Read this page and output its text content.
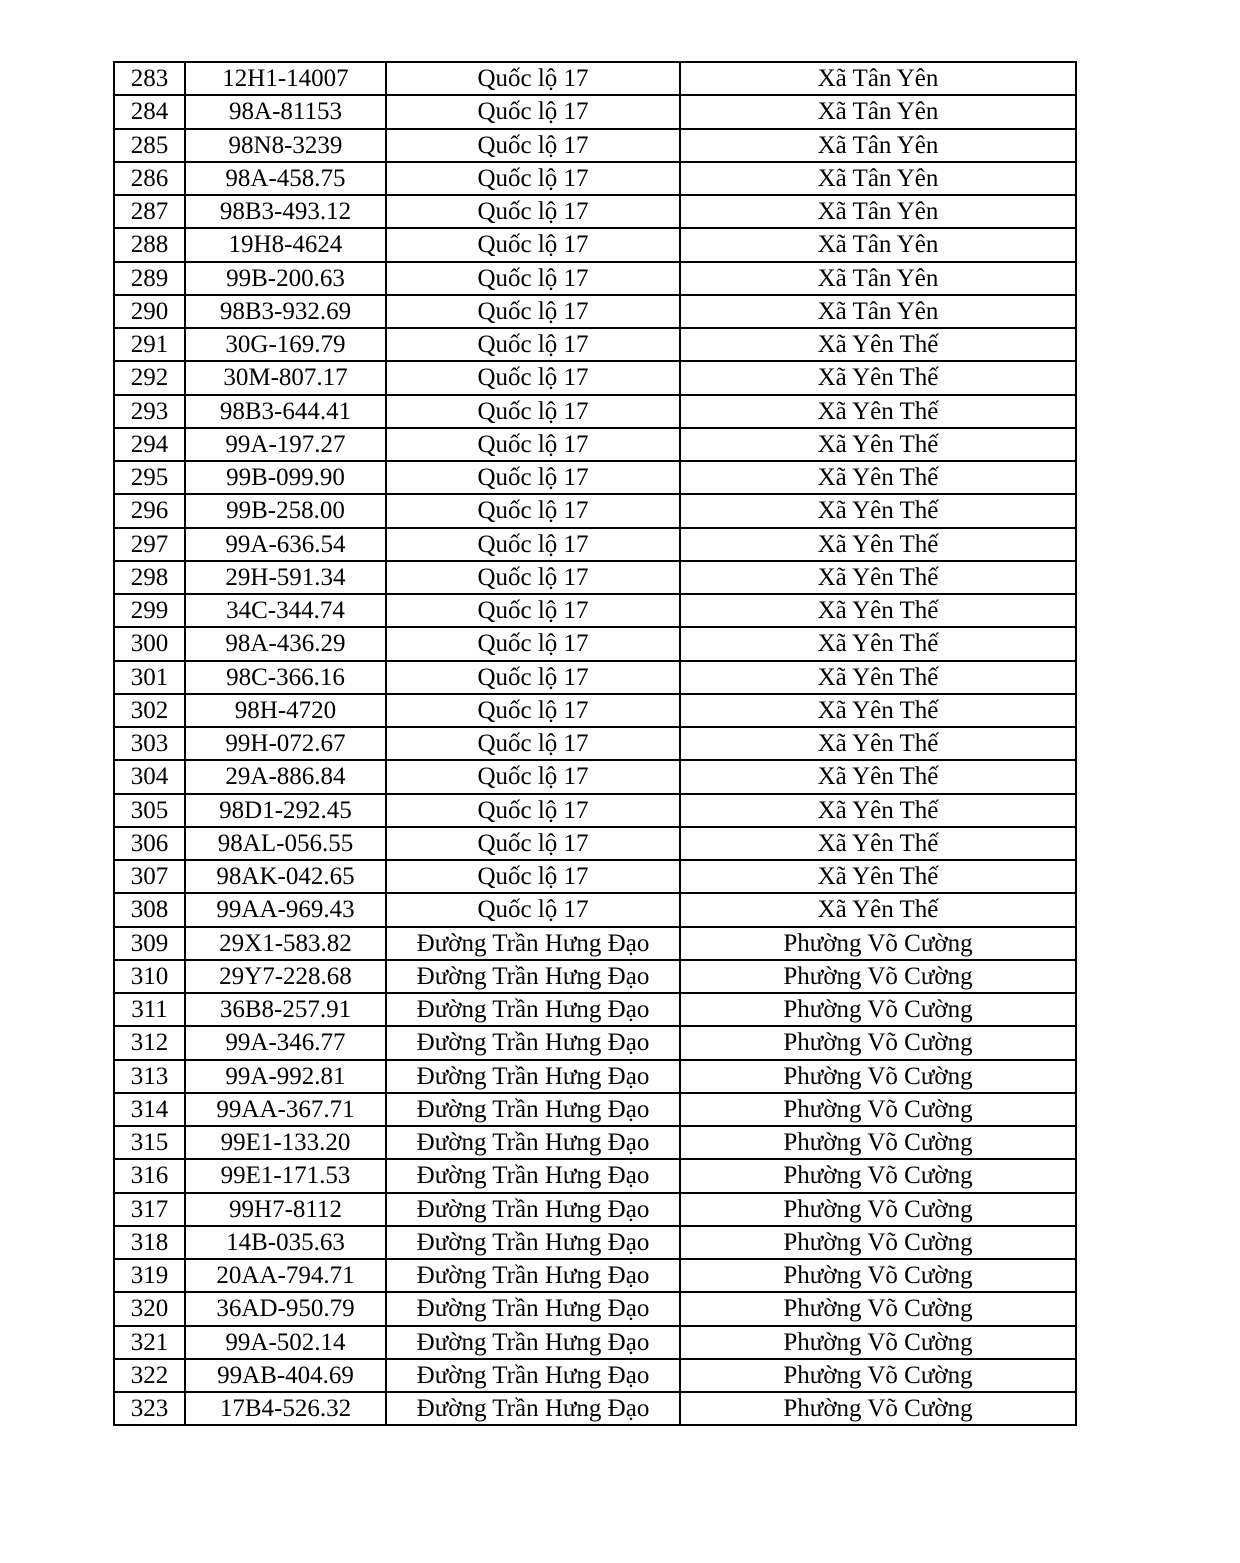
283	12H1-14007	Quốc lộ 17	Xã Tân Yên
284	98A-81153	Quốc lộ 17	Xã Tân Yên
285	98N8-3239	Quốc lộ 17	Xã Tân Yên
286	98A-458.75	Quốc lộ 17	Xã Tân Yên
287	98B3-493.12	Quốc lộ 17	Xã Tân Yên
288	19H8-4624	Quốc lộ 17	Xã Tân Yên
289	99B-200.63	Quốc lộ 17	Xã Tân Yên
290	98B3-932.69	Quốc lộ 17	Xã Tân Yên
291	30G-169.79	Quốc lộ 17	Xã Yên Thế
292	30M-807.17	Quốc lộ 17	Xã Yên Thế
293	98B3-644.41	Quốc lộ 17	Xã Yên Thế
294	99A-197.27	Quốc lộ 17	Xã Yên Thế
295	99B-099.90	Quốc lộ 17	Xã Yên Thế
296	99B-258.00	Quốc lộ 17	Xã Yên Thế
297	99A-636.54	Quốc lộ 17	Xã Yên Thế
298	29H-591.34	Quốc lộ 17	Xã Yên Thế
299	34C-344.74	Quốc lộ 17	Xã Yên Thế
300	98A-436.29	Quốc lộ 17	Xã Yên Thế
301	98C-366.16	Quốc lộ 17	Xã Yên Thế
302	98H-4720	Quốc lộ 17	Xã Yên Thế
303	99H-072.67	Quốc lộ 17	Xã Yên Thế
304	29A-886.84	Quốc lộ 17	Xã Yên Thế
305	98D1-292.45	Quốc lộ 17	Xã Yên Thế
306	98AL-056.55	Quốc lộ 17	Xã Yên Thế
307	98AK-042.65	Quốc lộ 17	Xã Yên Thế
308	99AA-969.43	Quốc lộ 17	Xã Yên Thế
309	29X1-583.82	Đường Trần Hưng Đạo	Phường Võ Cường
310	29Y7-228.68	Đường Trần Hưng Đạo	Phường Võ Cường
311	36B8-257.91	Đường Trần Hưng Đạo	Phường Võ Cường
312	99A-346.77	Đường Trần Hưng Đạo	Phường Võ Cường
313	99A-992.81	Đường Trần Hưng Đạo	Phường Võ Cường
314	99AA-367.71	Đường Trần Hưng Đạo	Phường Võ Cường
315	99E1-133.20	Đường Trần Hưng Đạo	Phường Võ Cường
316	99E1-171.53	Đường Trần Hưng Đạo	Phường Võ Cường
317	99H7-8112	Đường Trần Hưng Đạo	Phường Võ Cường
318	14B-035.63	Đường Trần Hưng Đạo	Phường Võ Cường
319	20AA-794.71	Đường Trần Hưng Đạo	Phường Võ Cường
320	36AD-950.79	Đường Trần Hưng Đạo	Phường Võ Cường
321	99A-502.14	Đường Trần Hưng Đạo	Phường Võ Cường
322	99AB-404.69	Đường Trần Hưng Đạo	Phường Võ Cường
323	17B4-526.32	Đường Trần Hưng Đạo	Phường Võ Cường
